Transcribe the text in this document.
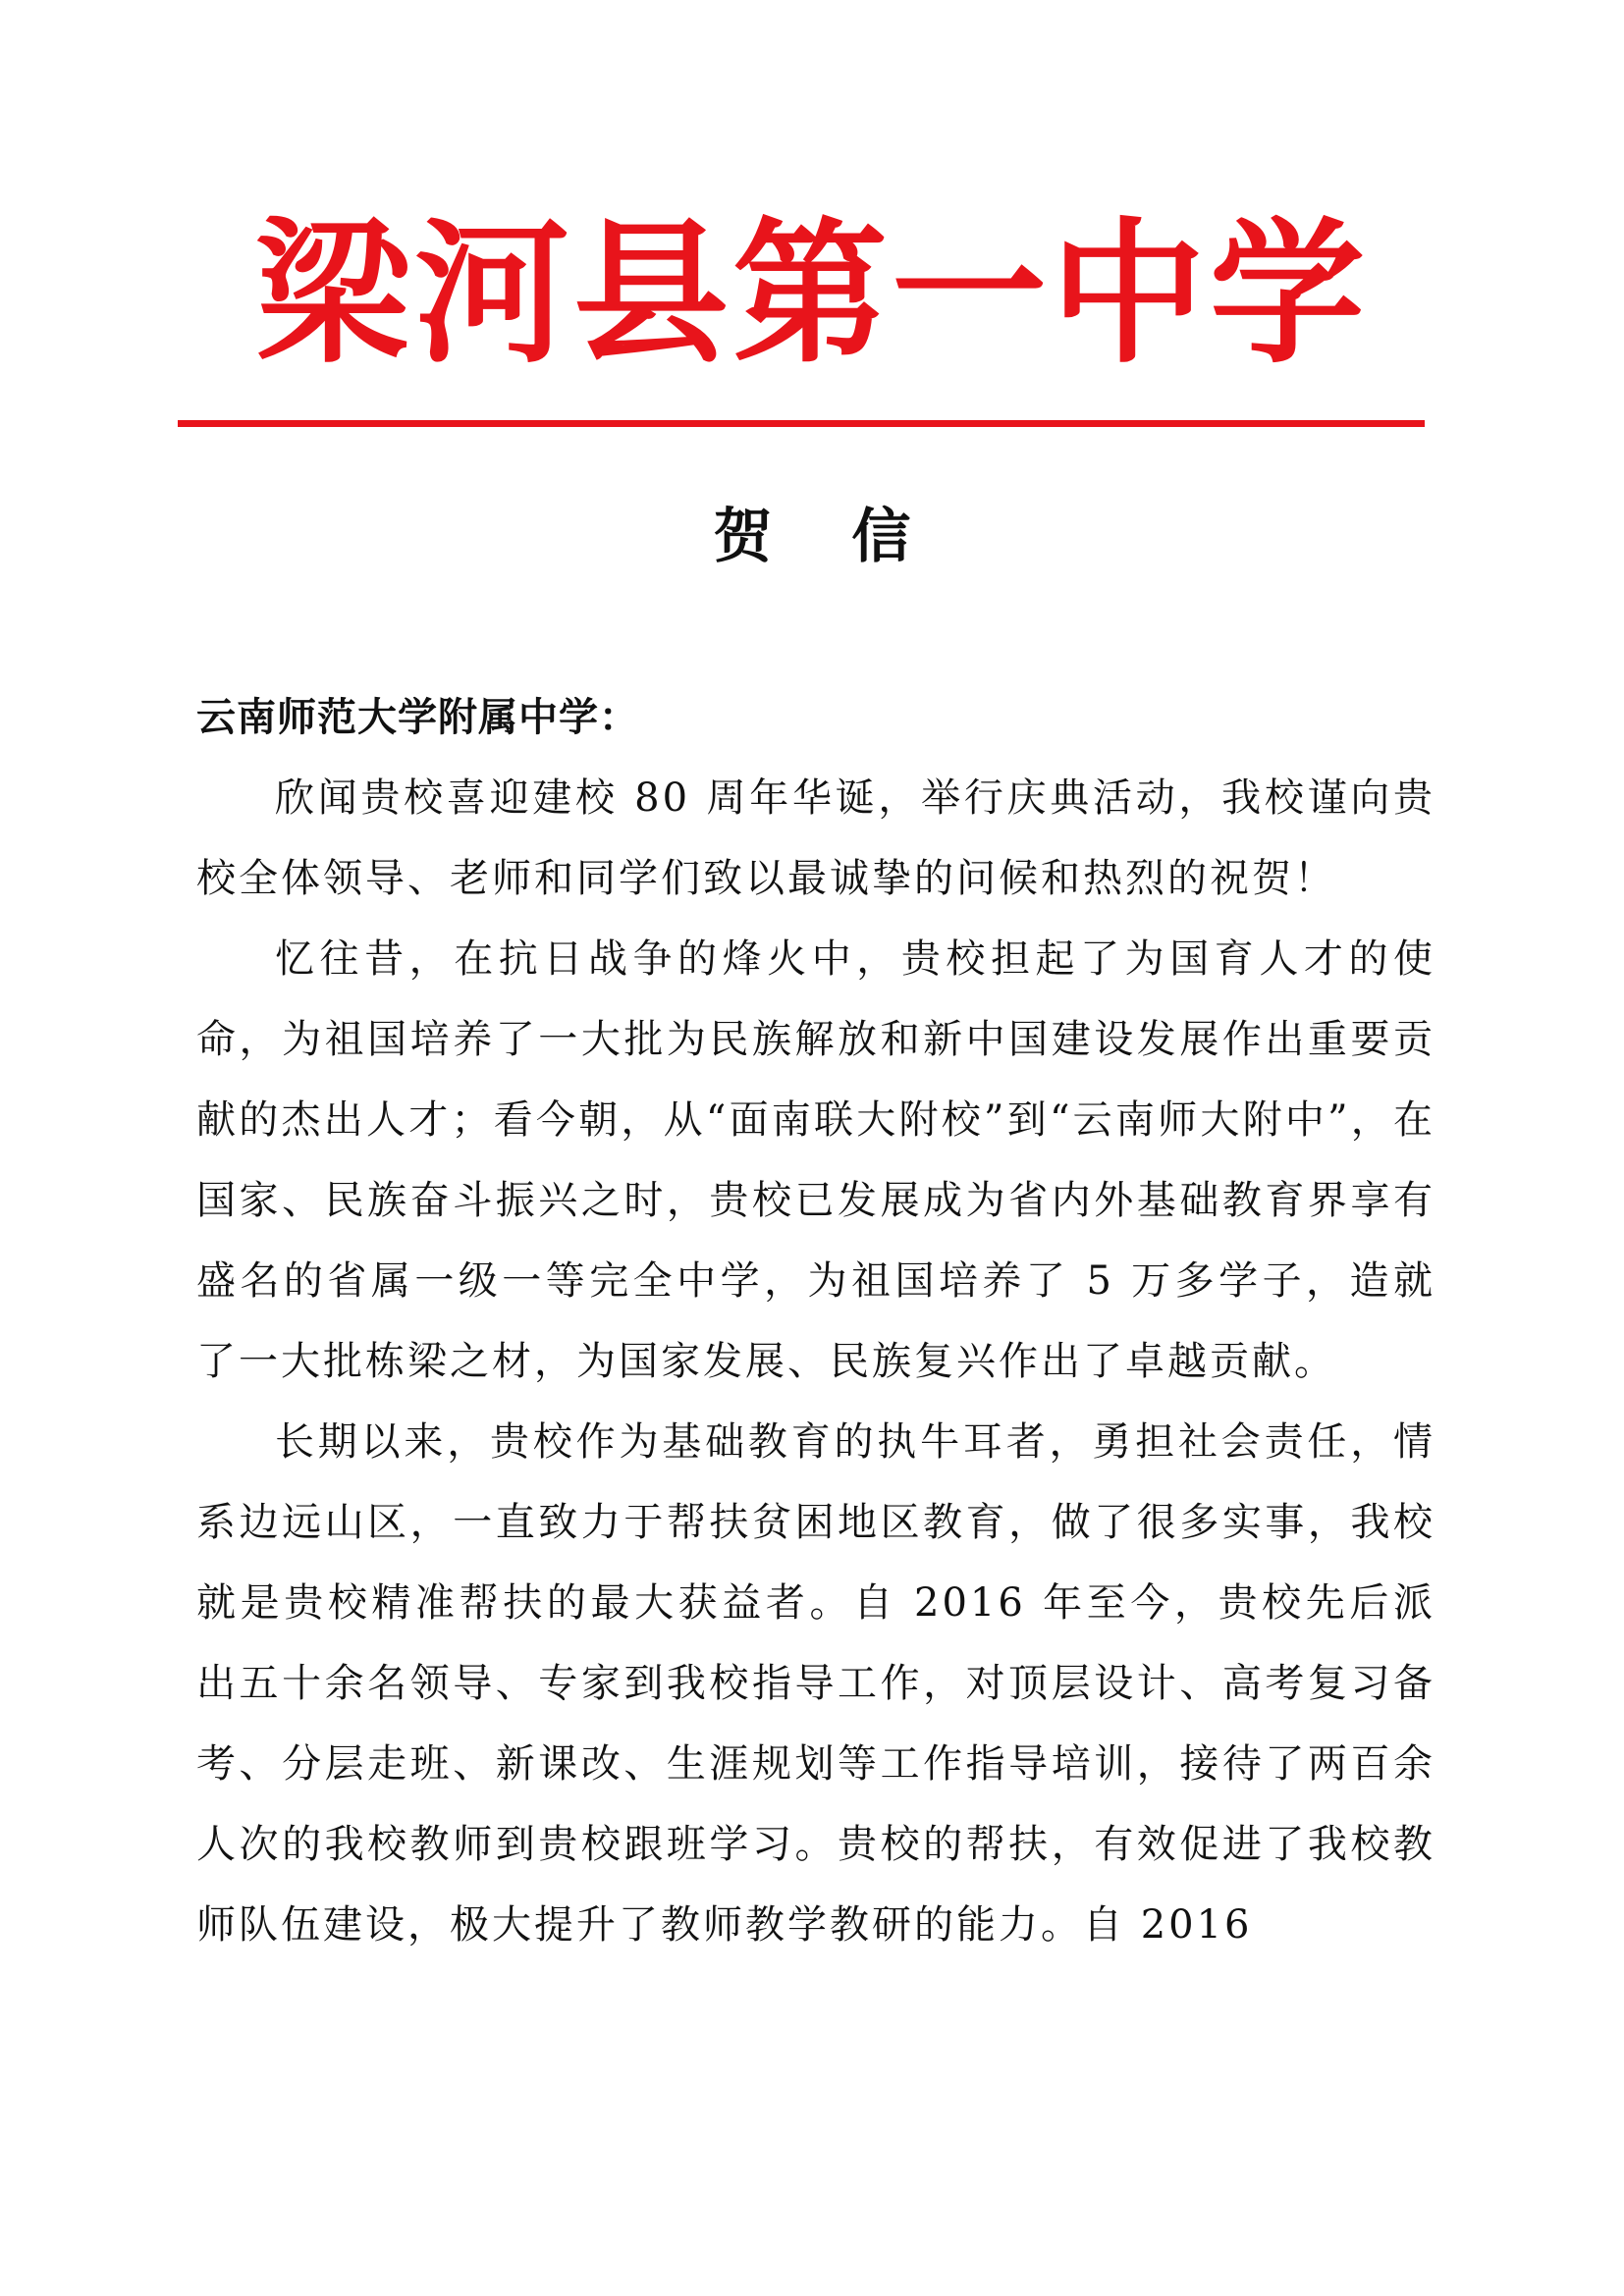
梁河县第一中学
贺 信

云南师范大学附属中学：

欣闻贵校喜迎建校 80 周年华诞，举行庆典活动，我校谨向贵校全体领导、老师和同学们致以最诚挚的问候和热烈的祝贺！

忆往昔，在抗日战争的烽火中，贵校担起了为国育人才的使命，为祖国培养了一大批为民族解放和新中国建设发展作出重要贡献的杰出人才；看今朝，从“面南联大附校”到“云南师大附中”，在国家、民族奋斗振兴之时，贵校已发展成为省内外基础教育界享有盛名的省属一级一等完全中学，为祖国培养了 5 万多学子，造就了一大批栋梁之材，为国家发展、民族复兴作出了卓越贡献。

长期以来，贵校作为基础教育的执牛耳者，勇担社会责任，情系边远山区，一直致力于帮扶贫困地区教育，做了很多实事，我校就是贵校精准帮扶的最大获益者。自 2016 年至今，贵校先后派出五十余名领导、专家到我校指导工作，对顶层设计、高考复习备考、分层走班、新课改、生涯规划等工作指导培训，接待了两百余人次的我校教师到贵校跟班学习。贵校的帮扶，有效促进了我校教师队伍建设，极大提升了教师教学教研的能力。自 2016
